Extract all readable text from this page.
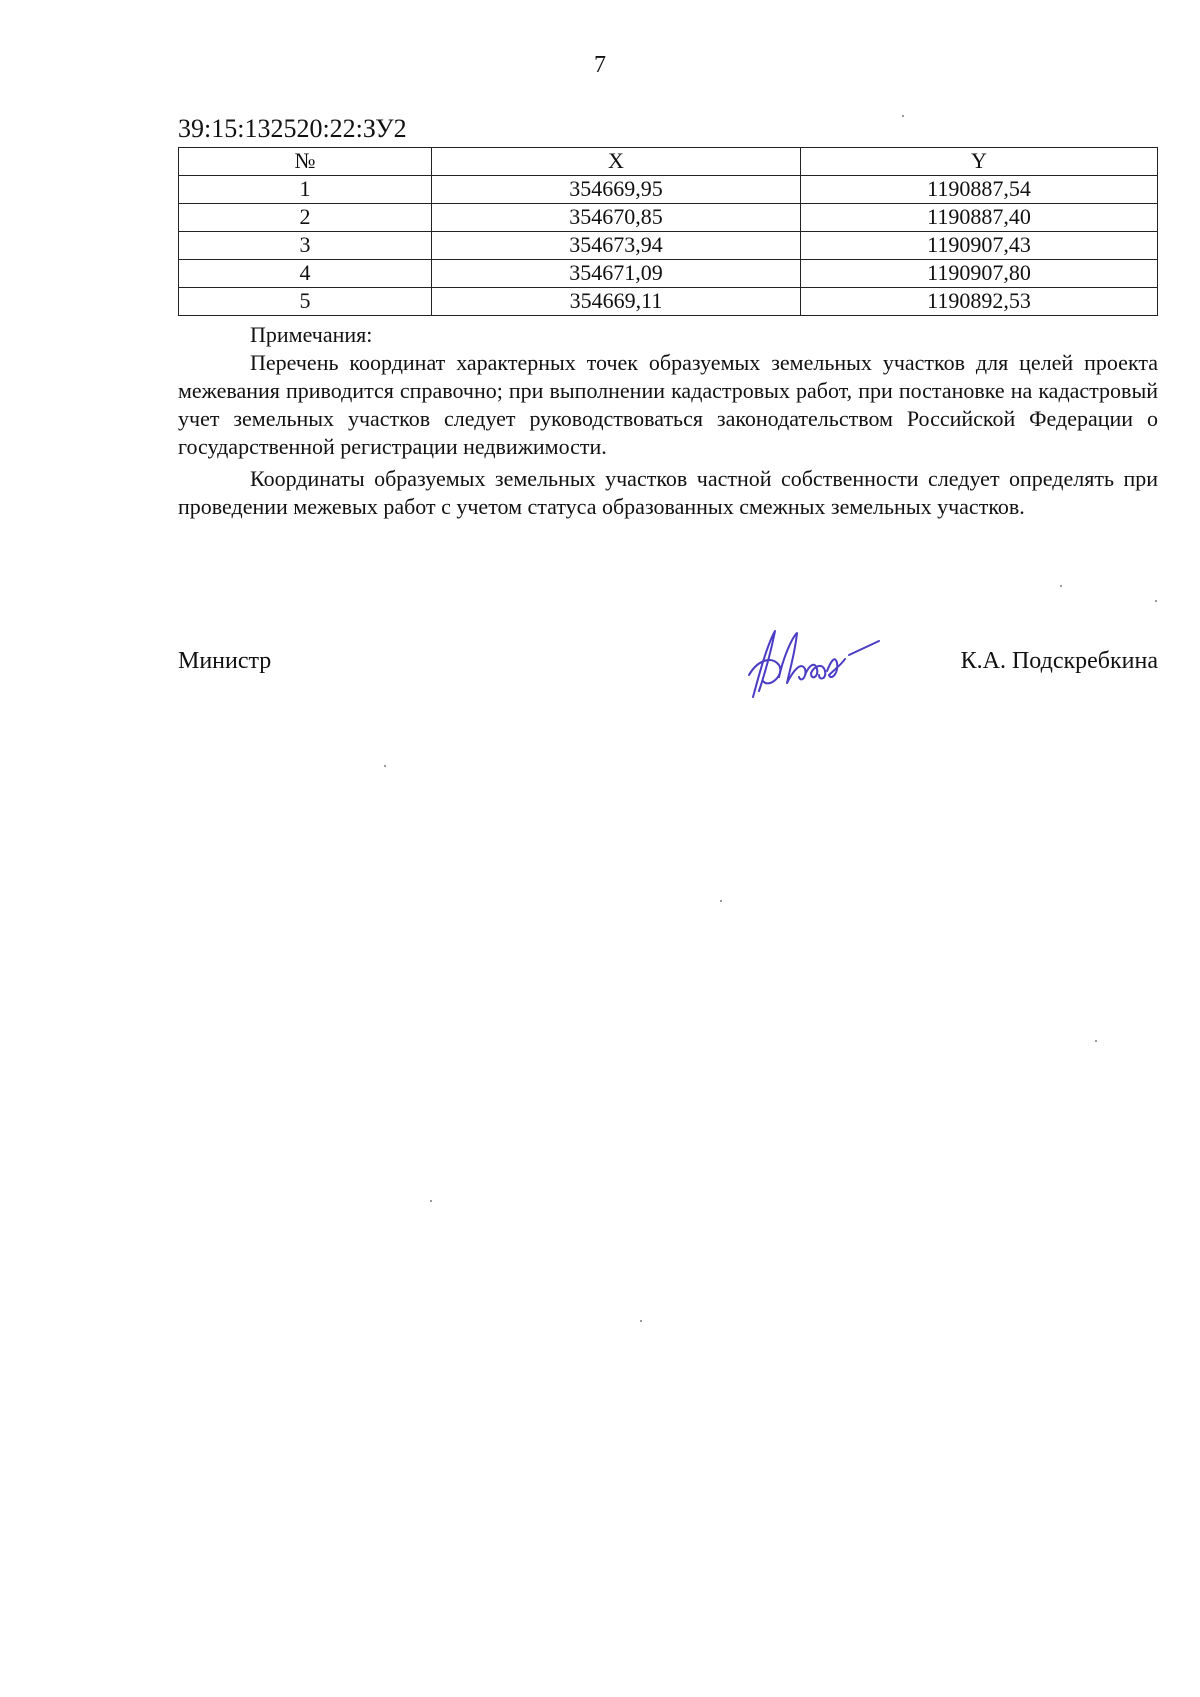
7
39:15:132520:22:ЗУ2
№	X	Y
1	354669,95	1190887,54
2	354670,85	1190887,40
3	354673,94	1190907,43
4	354671,09	1190907,80
5	354669,11	1190892,53
Примечания:

Перечень координат характерных точек образуемых земельных участков для целей проекта межевания приводится справочно; при выполнении кадастровых работ, при постановке на кадастровый учет земельных участков следует руководствоваться законодательством Российской Федерации о государственной регистрации недвижимости.

Координаты образуемых земельных участков частной собственности следует определять при проведении межевых работ с учетом статуса образованных смежных земельных участков.

Министр	К.А. Подскребкина
